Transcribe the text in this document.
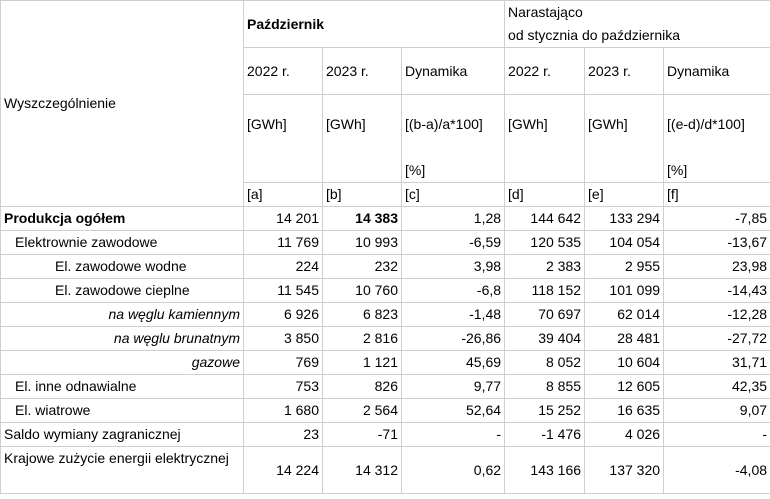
Wyszczególnienie	Październik			Narastająco		
				od stycznia do października		
	2022 r.	2023 r.	Dynamika	2022 r.	2023 r.	Dynamika

	[GWh]	[GWh]	[(b-a)/a*100]	[GWh]	[GWh]	[(e-d)/d*100]
			[%]			[%]
	[a]	[b]	[c]	[d]	[e]	[f]

Produkcja ogółem	14 201	14 383	1,28	144 642	133 294	-7,85
Elektrownie zawodowe	11 769	10 993	-6,59	120 535	104 054	-13,67
El. zawodowe wodne	224	232	3,98	2 383	2 955	23,98
El. zawodowe cieplne	11 545	10 760	-6,8	118 152	101 099	-14,43
na węglu kamiennym	6 926	6 823	-1,48	70 697	62 014	-12,28
na węglu brunatnym	3 850	2 816	-26,86	39 404	28 481	-27,72
gazowe	769	1 121	45,69	8 052	10 604	31,71
El. inne odnawialne	753	826	9,77	8 855	12 605	42,35
El. wiatrowe	1 680	2 564	52,64	15 252	16 635	9,07
Saldo wymiany zagranicznej	23	-71	-	-1 476	4 026	-
Krajowe zużycie energii elektrycznej	14 224	14 312	0,62	143 166	137 320	-4,08
